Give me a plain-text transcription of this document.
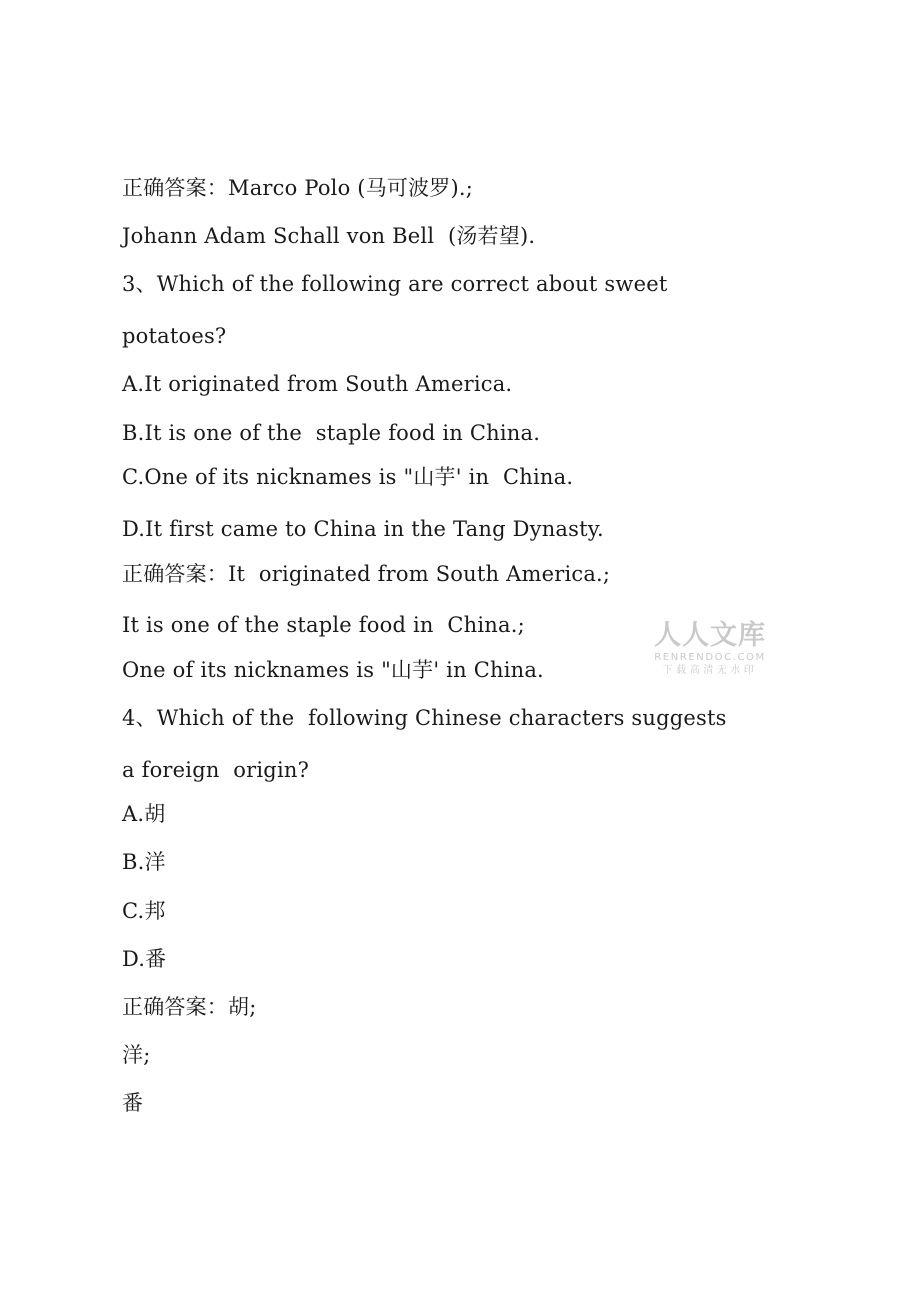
正确答案：Marco Polo (马可波罗).;
Johann Adam Schall von Bell  (汤若望).
3、Which of the following are correct about sweet
potatoes?
A.It originated from South America.
B.It is one of the  staple food in China.
C.One of its nicknames is "山芋' in  China.
D.It first came to China in the Tang Dynasty.
正确答案：It  originated from South America.;
It is one of the staple food in  China.;
One of its nicknames is "山芋' in China.
4、Which of the  following Chinese characters suggests
a foreign  origin?
A.胡
B.洋
C.邦
D.番
正确答案：胡;
洋;
番
人人文库
RENRENDOC.COM
下载高清无水印
